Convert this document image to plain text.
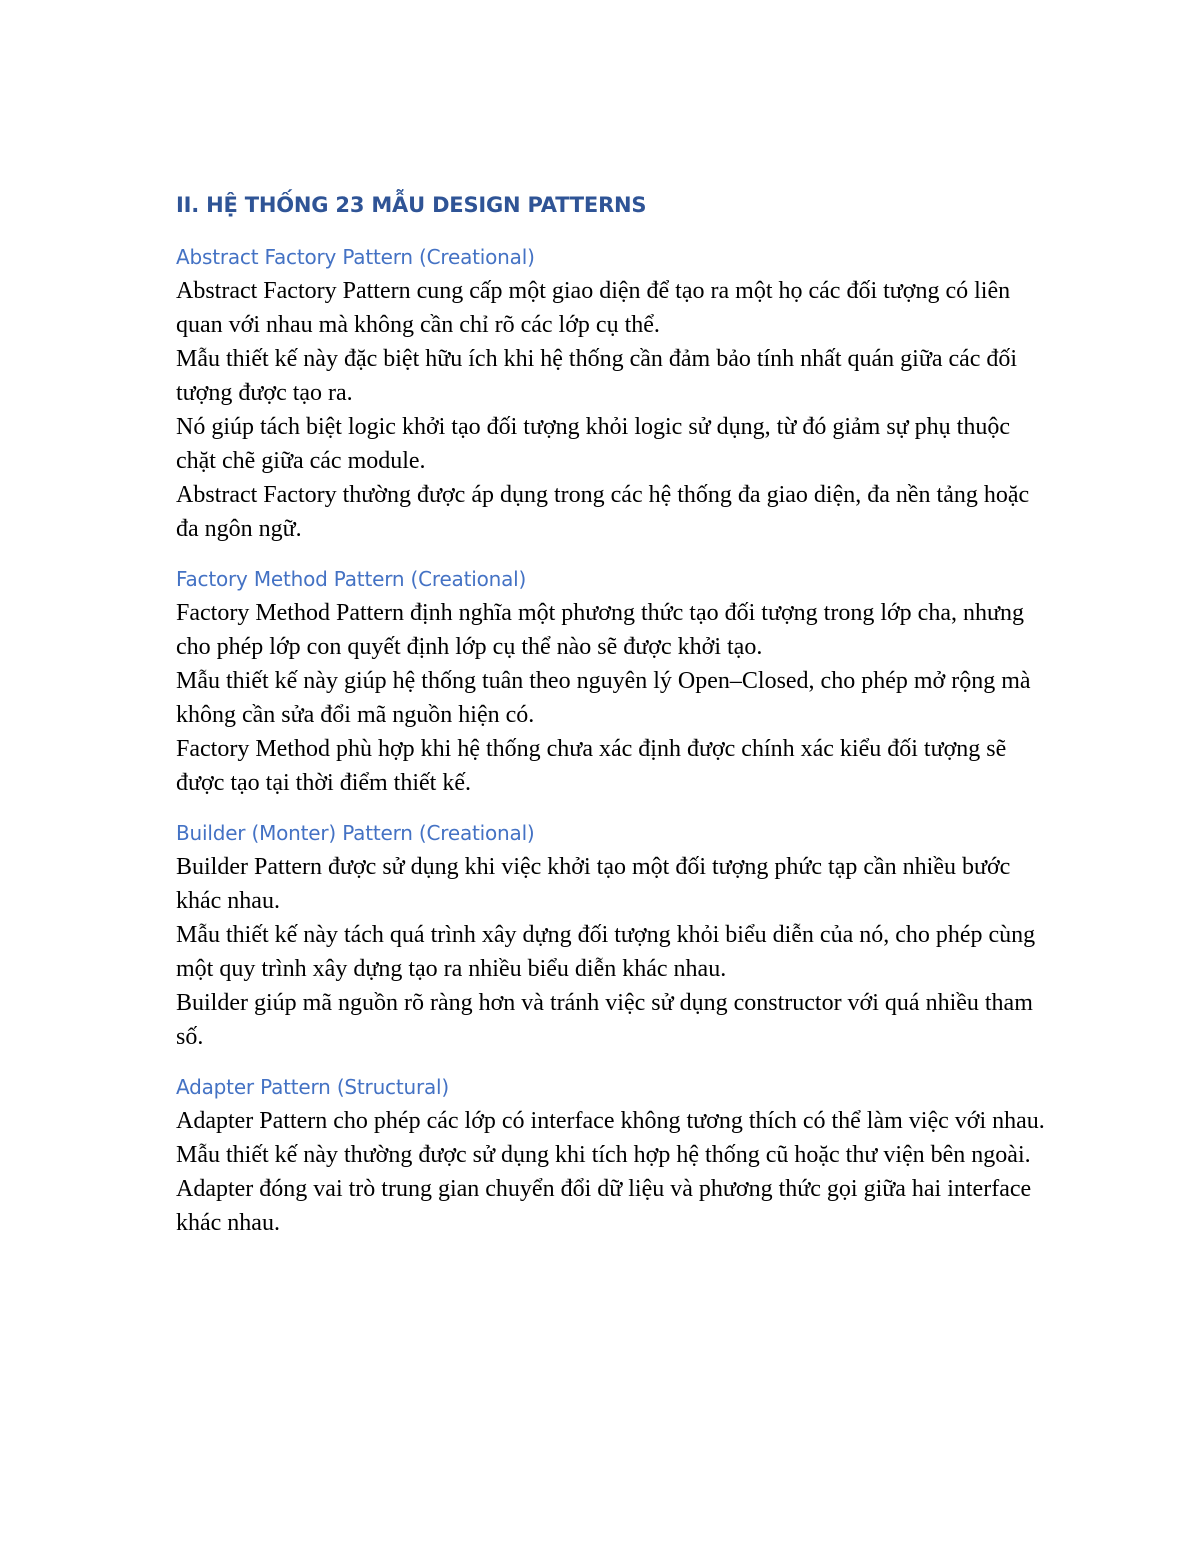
II. HỆ THỐNG 23 MẪU DESIGN PATTERNS
Abstract Factory Pattern (Creational)

Abstract Factory Pattern cung cấp một giao diện để tạo ra một họ các đối tượng có liên quan với nhau mà không cần chỉ rõ các lớp cụ thể.

Mẫu thiết kế này đặc biệt hữu ích khi hệ thống cần đảm bảo tính nhất quán giữa các đối tượng được tạo ra.

Nó giúp tách biệt logic khởi tạo đối tượng khỏi logic sử dụng, từ đó giảm sự phụ thuộc chặt chẽ giữa các module.

Abstract Factory thường được áp dụng trong các hệ thống đa giao diện, đa nền tảng hoặc đa ngôn ngữ.

Factory Method Pattern (Creational)

Factory Method Pattern định nghĩa một phương thức tạo đối tượng trong lớp cha, nhưng cho phép lớp con quyết định lớp cụ thể nào sẽ được khởi tạo.

Mẫu thiết kế này giúp hệ thống tuân theo nguyên lý Open–Closed, cho phép mở rộng mà không cần sửa đổi mã nguồn hiện có.

Factory Method phù hợp khi hệ thống chưa xác định được chính xác kiểu đối tượng sẽ được tạo tại thời điểm thiết kế.

Builder (Monter) Pattern (Creational)

Builder Pattern được sử dụng khi việc khởi tạo một đối tượng phức tạp cần nhiều bước khác nhau.

Mẫu thiết kế này tách quá trình xây dựng đối tượng khỏi biểu diễn của nó, cho phép cùng một quy trình xây dựng tạo ra nhiều biểu diễn khác nhau.

Builder giúp mã nguồn rõ ràng hơn và tránh việc sử dụng constructor với quá nhiều tham số.

Adapter Pattern (Structural)

Adapter Pattern cho phép các lớp có interface không tương thích có thể làm việc với nhau.

Mẫu thiết kế này thường được sử dụng khi tích hợp hệ thống cũ hoặc thư viện bên ngoài.

Adapter đóng vai trò trung gian chuyển đổi dữ liệu và phương thức gọi giữa hai interface khác nhau.
